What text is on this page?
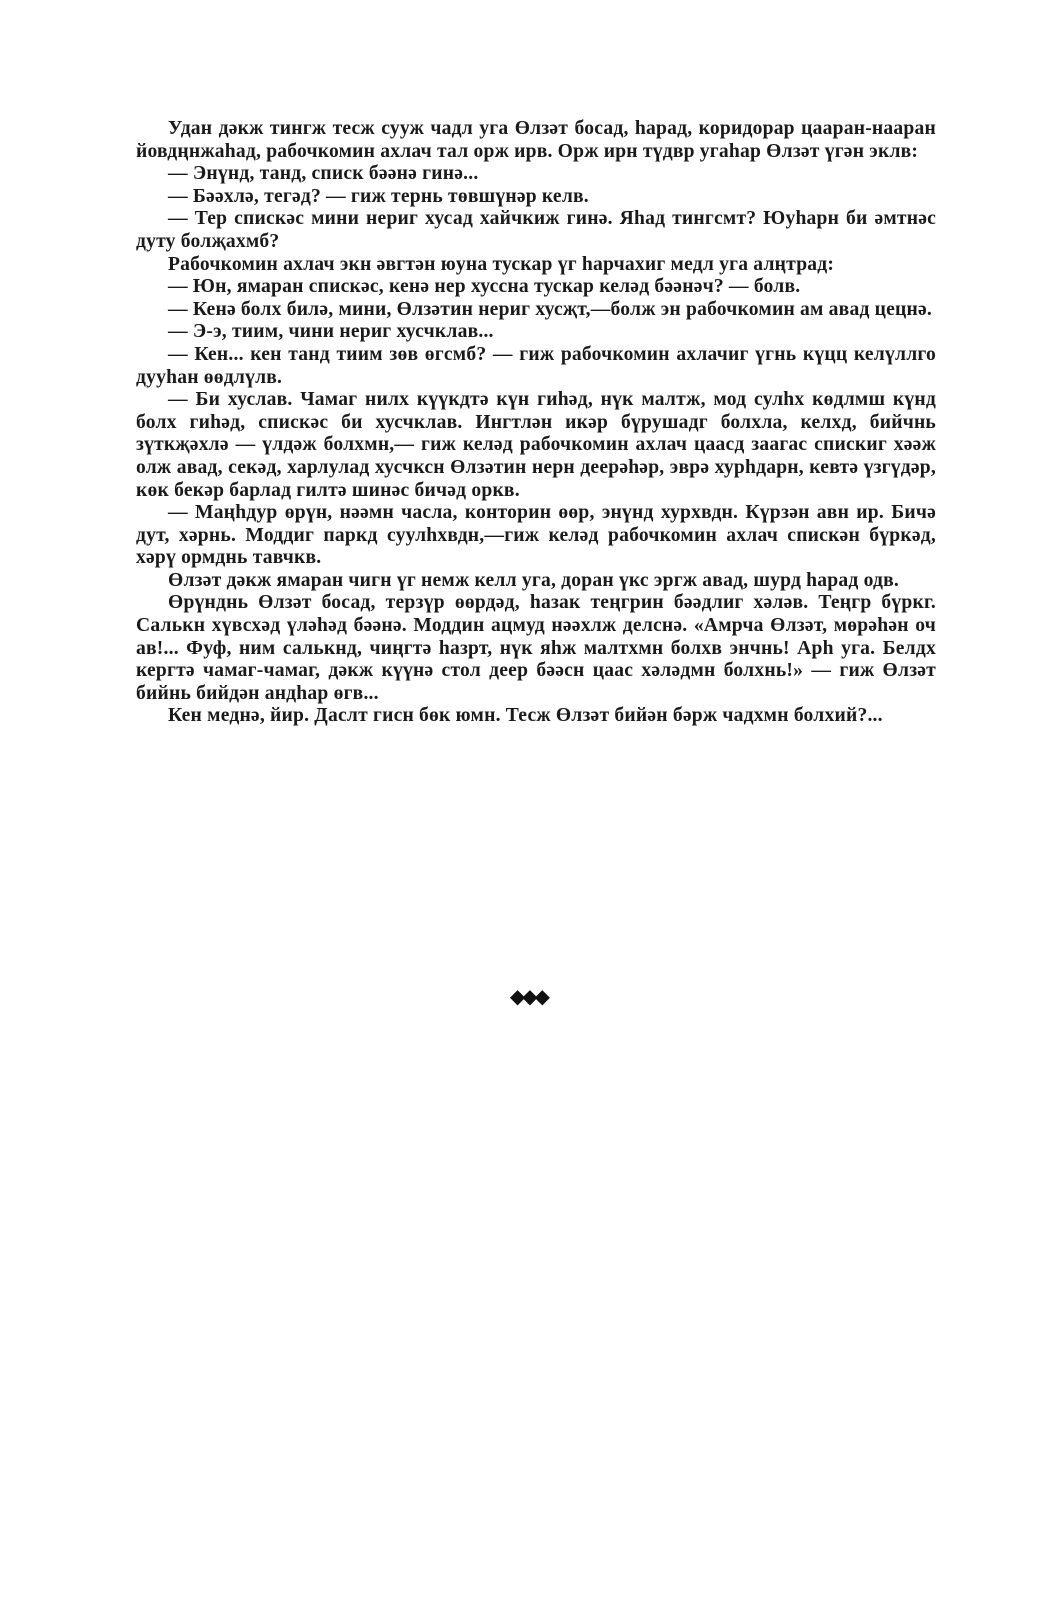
Удан дәкж тингж тесж сууж чадл уга Өлзәт босад, һарад, коридорар цааран-нааран йовдңнжаһад, рабочкомин ахлач тал орж ирв. Орж ирн түдвр угаһар Өлзәт үгән эклв:

— Энүнд, танд, списк бәәнә гинә...

— Бәәхлә, тегәд? — гиж тернь төвшүнәр келв.

— Тер спискәс мини нериг хусад хайчкиж гинә. Яһад тингсмт? Юуһарн би әмтнәс дуту болҗахмб?

Рабочкомин ахлач экн әвгтән юуна тускар үг һарчахиг медл уга алңтрад:

— Юн, ямаран спискәс, кенә нер хуссна тускар келәд бәәнәч? — болв.

— Кенә болх билә, мини, Өлзәтин нериг хусҗт,—болж эн рабочкомин ам авад цецнә.

— Э-э, тиим, чини нериг хусчклав...

— Кен... кен танд тиим зөв өгсмб? — гиж рабочкомин ахлачиг үгнь күцц келүллго дууһан өөдлүлв.

— Би хуслав. Чамаг нилх күүкдтә күн гиһәд, нүк малтж, мод сулһх көдлмш күнд болх гиһәд, спискәс би хусчклав. Ингтлән икәр бүрушадг болхла, келхд, бийчнь зүткҗәхлә — үлдәж болхмн,— гиж келәд рабочкомин ахлач цаасд заагас спискиг хәәж олж авад, секәд, харлулад хусчксн Өлзәтин нерн деерәһәр, эврә хурһдарн, кевтә үзгүдәр, көк бекәр барлад гилтә шинәс бичәд оркв.

— Маңһдур өрүн, нәәмн часла, конторин өөр, энүнд хурхвдн. Күрзән авн ир. Бичә дут, хәрнь. Моддиг паркд суулһхвдн,—гиж келәд рабочкомин ахлач спискән бүркәд, хәрү ормднь тавчкв.

Өлзәт дәкж ямаран чигн үг немж келл уга, доран үкс эргж авад, шурд һарад одв.

Өрүнднь Өлзәт босад, терзүр өөрдәд, һазак теңгрин бәәдлиг хәләв. Теңгр бүркг. Салькн хүвсхәд үләһәд бәәнә. Моддин ацмуд нәәхлж делснә. «Амрча Өлзәт, мөрәһән оч ав!... Фуф, ним салькнд, чиңгтә һазрт, нүк яһж малтхмн болхв энчнь! Арһ уга. Белдх кергтә чамаг-чамаг, дәкж күүнә стол деер бәәсн цаас хәләдмн болхнь!» — гиж Өлзәт бийнь бийдән андһар өгв...

Кен меднә, йир. Даслт гисн бөк юмн. Тесж Өлзәт бийән бәрж чадхмн болхий?...

◆◆◆
